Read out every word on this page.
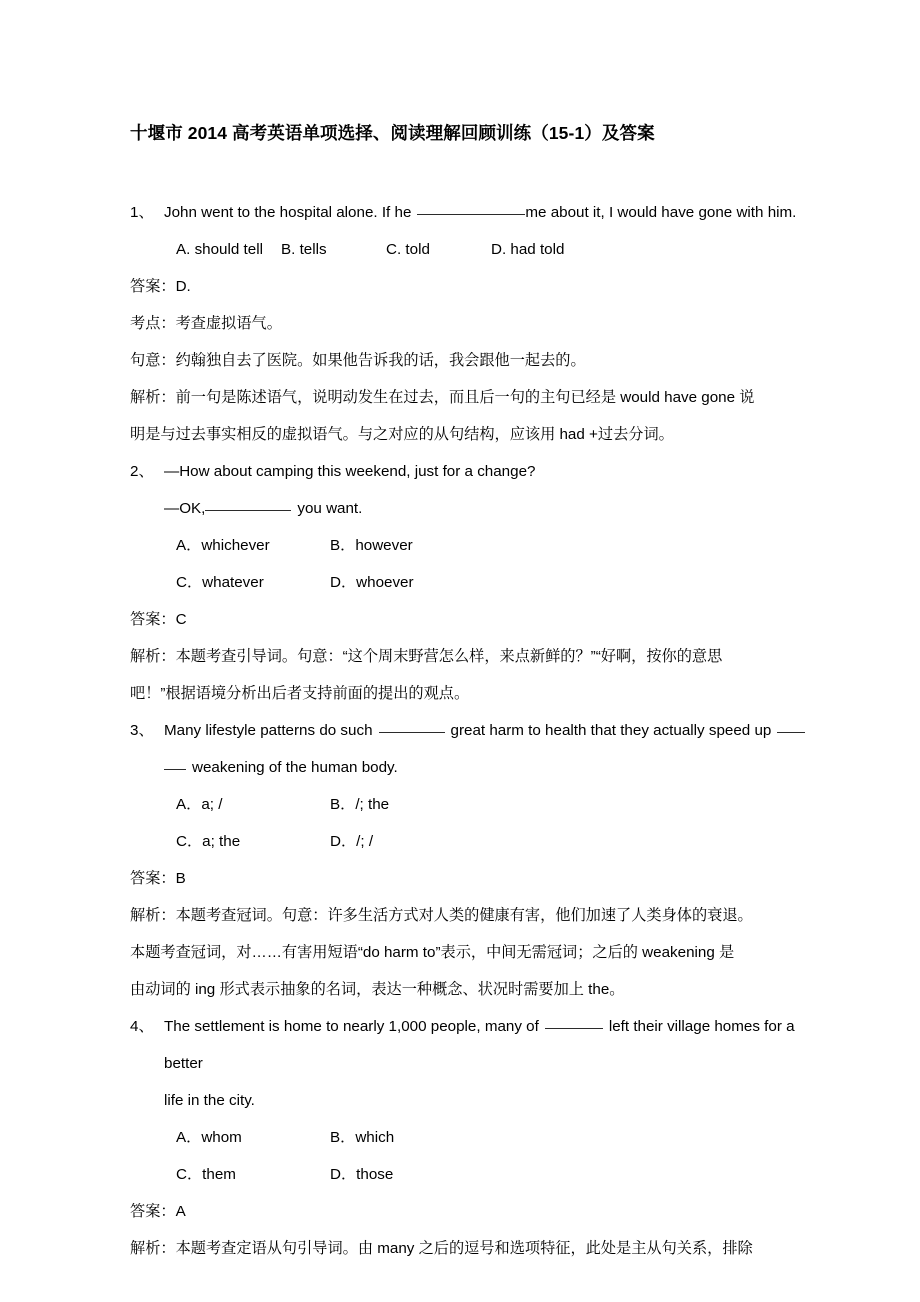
十堰市 2014 高考英语单项选择、阅读理解回顾训练（15-1）及答案

1、 John went to the hospital alone. If he	me about it, I would have gone with him.

A. should tell	B. tells	C. told	D. had told

答案：D.

考点：考查虚拟语气。

句意：约翰独自去了医院。如果他告诉我的话，我会跟他一起去的。

解析：前一句是陈述语气，说明动发生在过去，而且后一句的主句已经是 would have gone 说

明是与过去事实相反的虚拟语气。与之对应的从句结构，应该用 had +过去分词。

2、 —How about camping this weekend, just for a change?

—OK,	you want.

A．whichever	B．however
C．whatever	D．whoever

答案：C

解析：本题考查引导词。句意：“这个周末野营怎么样，来点新鲜的？”“好啊，按你的意思

吧！”根据语境分析出后者支持前面的提出的观点。

3、 Many lifestyle patterns do such	great harm to health that they actually speed up

weakening of the human body.

A．a; /	B．/; the
C．a; the	D．/; /

答案：B

解析：本题考查冠词。句意：许多生活方式对人类的健康有害，他们加速了人类身体的衰退。

本题考查冠词，对……有害用短语“do harm to”表示，中间无需冠词；之后的 weakening 是

由动词的 ing 形式表示抽象的名词，表达一种概念、状况时需要加上 the。

4、 The settlement is home to nearly 1,000 people, many of	left their village homes for a better

life in the city.

A．whom	B．which
C．them	D．those

答案：A

解析：本题考查定语从句引导词。由 many 之后的逗号和选项特征，此处是主从句关系，排除
